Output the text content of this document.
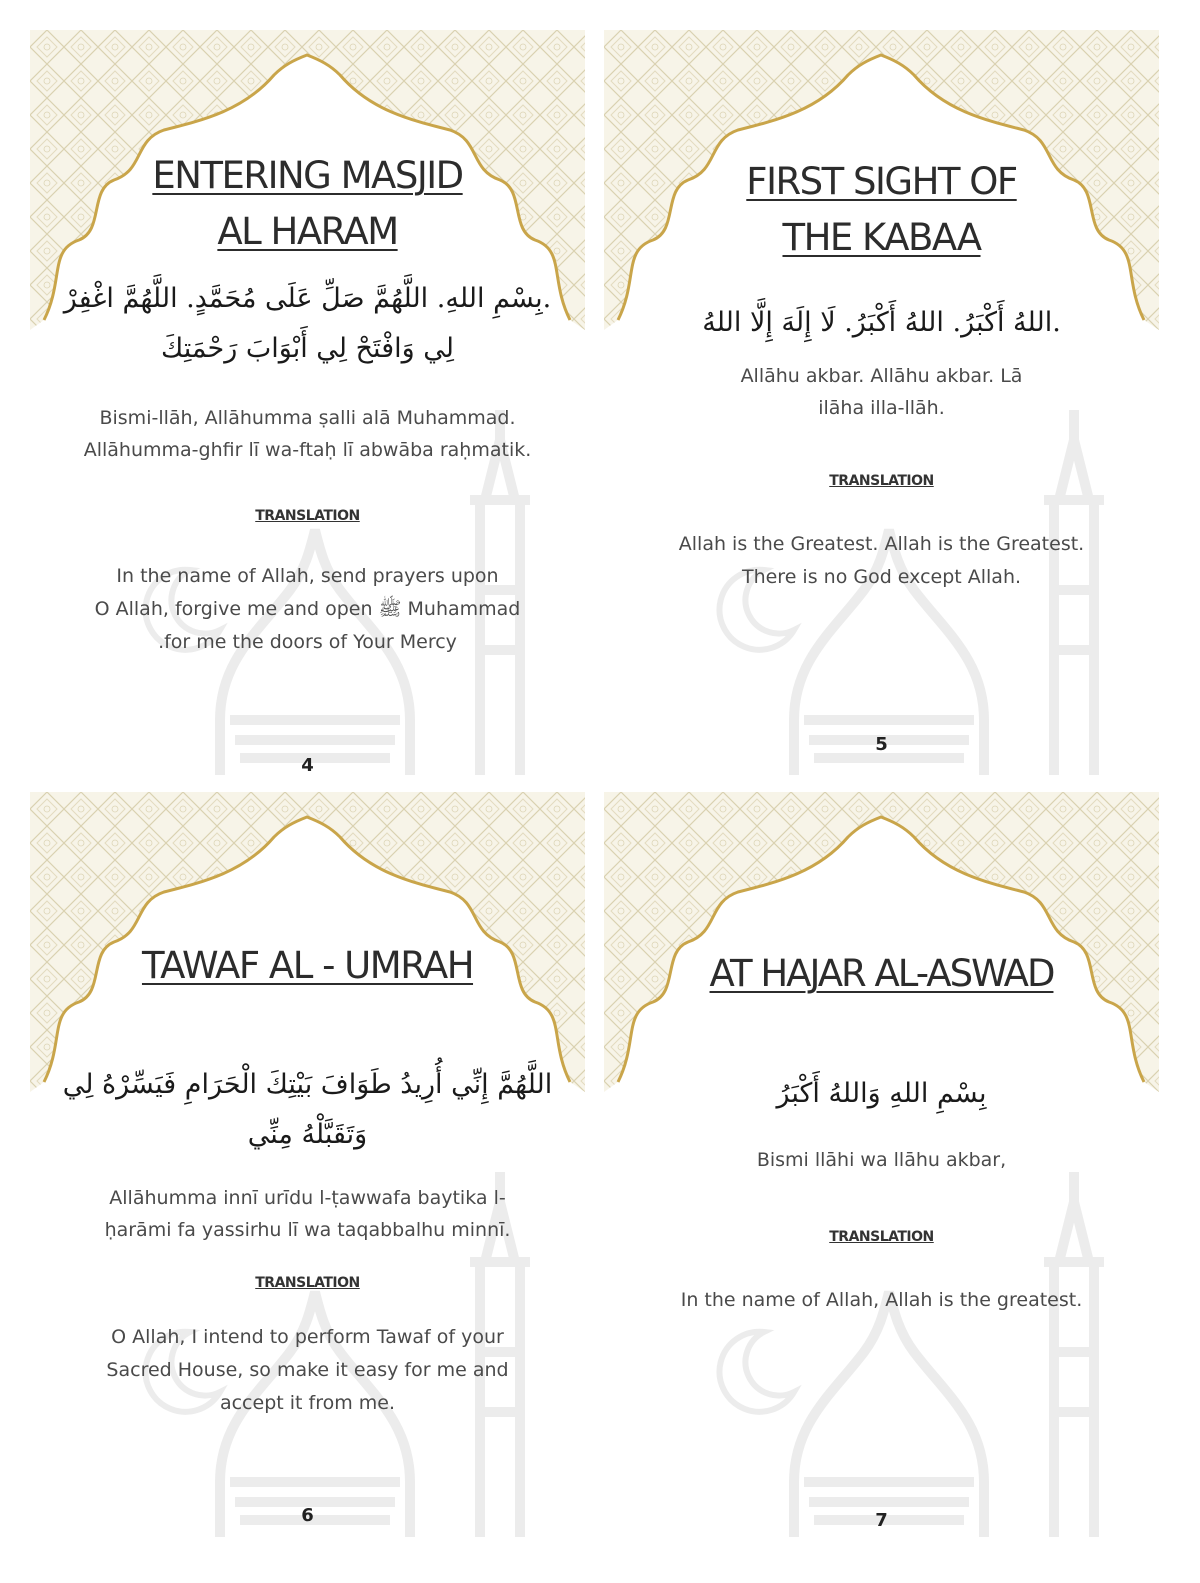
ENTERING MASJID
AL HARAM
.بِسْمِ اللهِ. اللَّهُمَّ صَلِّ عَلَى مُحَمَّدٍ. اللَّهُمَّ اغْفِرْ لِي وَافْتَحْ لِي أَبْوَابَ رَحْمَتِكَ
Bismi-llāh, Allāhumma ṣalli alā Muhammad.
Allāhumma-ghfir lī wa-ftaḥ lī abwāba raḥmatik.
TRANSLATION
In the name of Allah, send prayers upon
O Allah, forgive me and open ﷺ Muhammad
.for me the doors of Your Mercy
4
FIRST SIGHT OF
THE KABAA
.اللهُ أَكْبَرُ. اللهُ أَكْبَرُ. لَا إِلَهَ إِلَّا اللهُ
Allāhu akbar. Allāhu akbar. Lā
ilāha illa-llāh.
TRANSLATION
Allah is the Greatest. Allah is the Greatest.
There is no God except Allah.
5
TAWAF AL - UMRAH
اللَّهُمَّ إِنِّي أُرِيدُ طَوَافَ بَيْتِكَ الْحَرَامِ فَيَسِّرْهُ لِي وَتَقَبَّلْهُ مِنِّي
Allāhumma innī urīdu l-ṭawwafa baytika l-
ḥarāmi fa yassirhu lī wa taqabbalhu minnī.
TRANSLATION
O Allah, I intend to perform Tawaf of your
Sacred House, so make it easy for me and
accept it from me.
6
AT HAJAR AL-ASWAD
بِسْمِ اللهِ وَاللهُ أَكْبَرُ
Bismi llāhi wa llāhu akbar,
TRANSLATION
In the name of Allah, Allah is the greatest.
7
